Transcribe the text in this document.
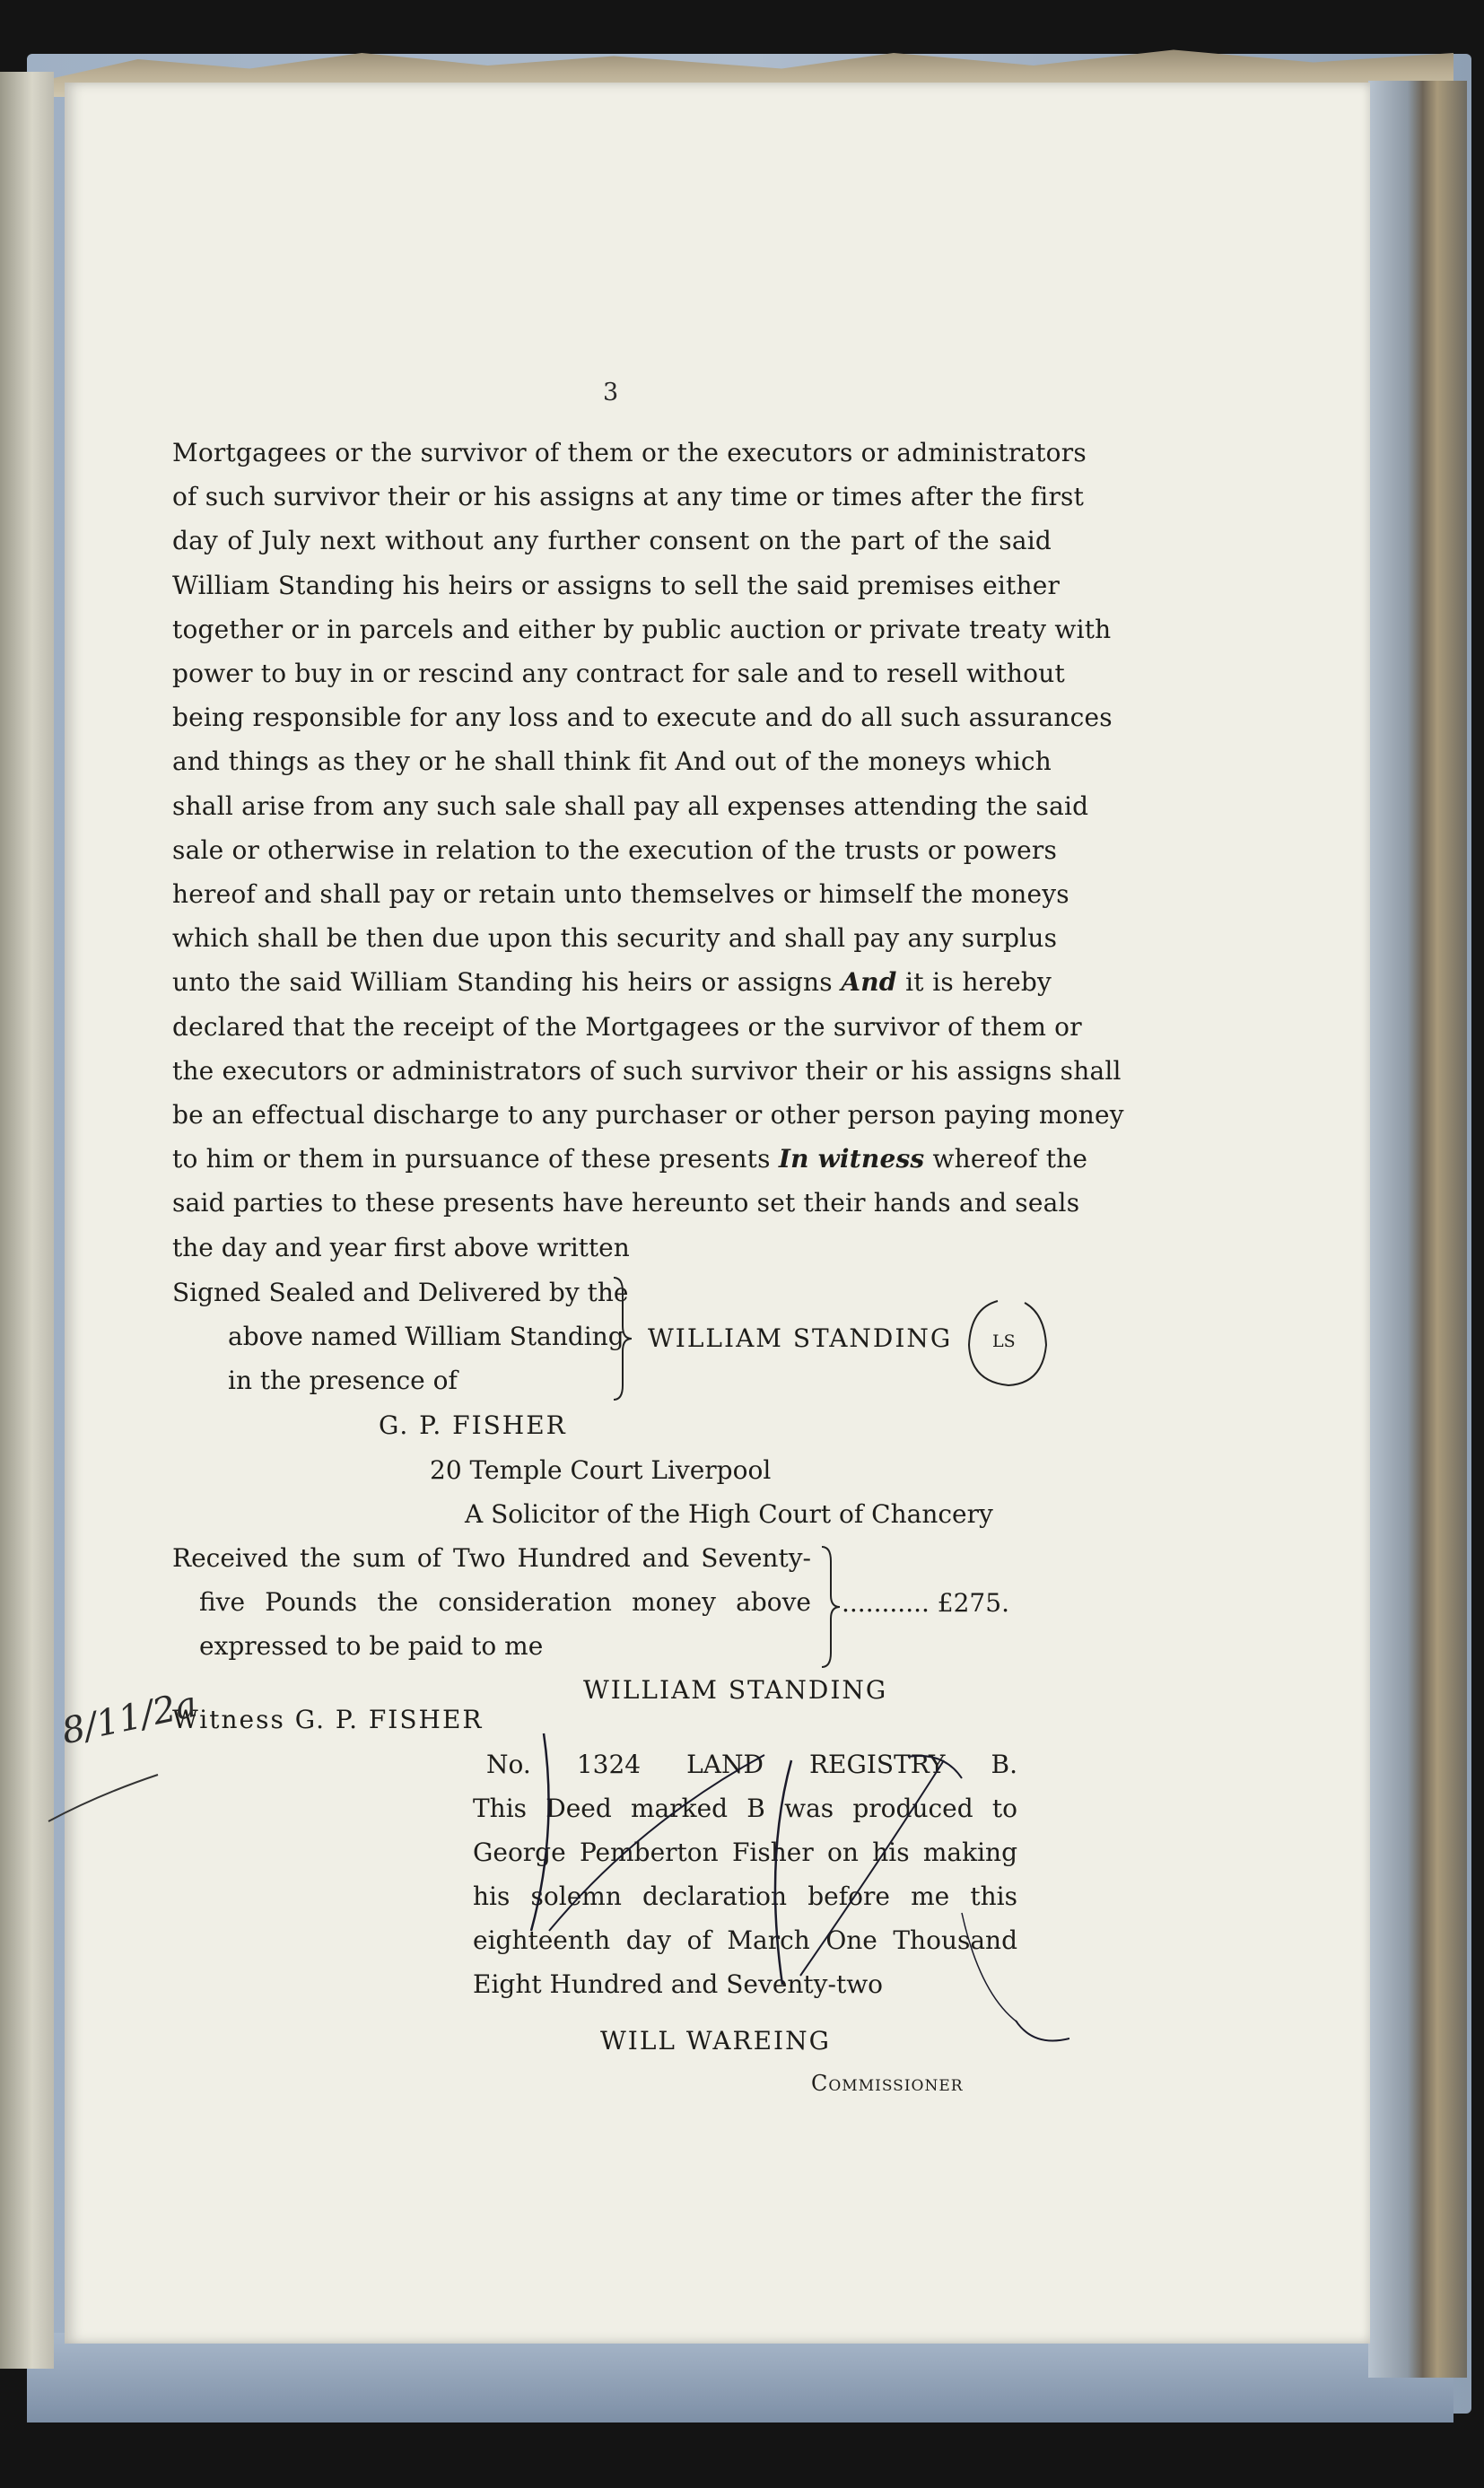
3
Mortgagees or the survivor of them or the executors or administrators
of such survivor their or his assigns at any time or times after the first
day of July next without any further consent on the part of the said
William Standing his heirs or assigns to sell the said premises either
together or in parcels and either by public auction or private treaty with
power to buy in or rescind any contract for sale and to resell without
being responsible for any loss and to execute and do all such assurances
and things as they or he shall think fit And out of the moneys which
shall arise from any such sale shall pay all expenses attending the said
sale or otherwise in relation to the execution of the trusts or powers
hereof and shall pay or retain unto themselves or himself the moneys
which shall be then due upon this security and shall pay any surplus
unto the said William Standing his heirs or assigns And it is hereby
declared that the receipt of the Mortgagees or the survivor of them or
the executors or administrators of such survivor their or his assigns shall
be an effectual discharge to any purchaser or other person paying money
to him or them in pursuance of these presents In witness whereof the
said parties to these presents have hereunto set their hands and seals
the day and year first above written
Signed Sealed and Delivered by the
above named William Standing
in the presence of
WILLIAM STANDING LS
G. P. FISHER
20 Temple Court Liverpool
A Solicitor of the High Court of Chancery
Received the sum of Two Hundred and Seventy-
five Pounds the consideration money above
expressed to be paid to me
........... £275.
WILLIAM STANDING
Witness G. P. FISHER
No. 1324 LAND REGISTRY B.
This Deed marked B was produced to
George Pemberton Fisher on his making
his solemn declaration before me this
eighteenth day of March One Thousand
Eight Hundred and Seventy-two
WILL WAREING
Commissioner
8/11/2a
